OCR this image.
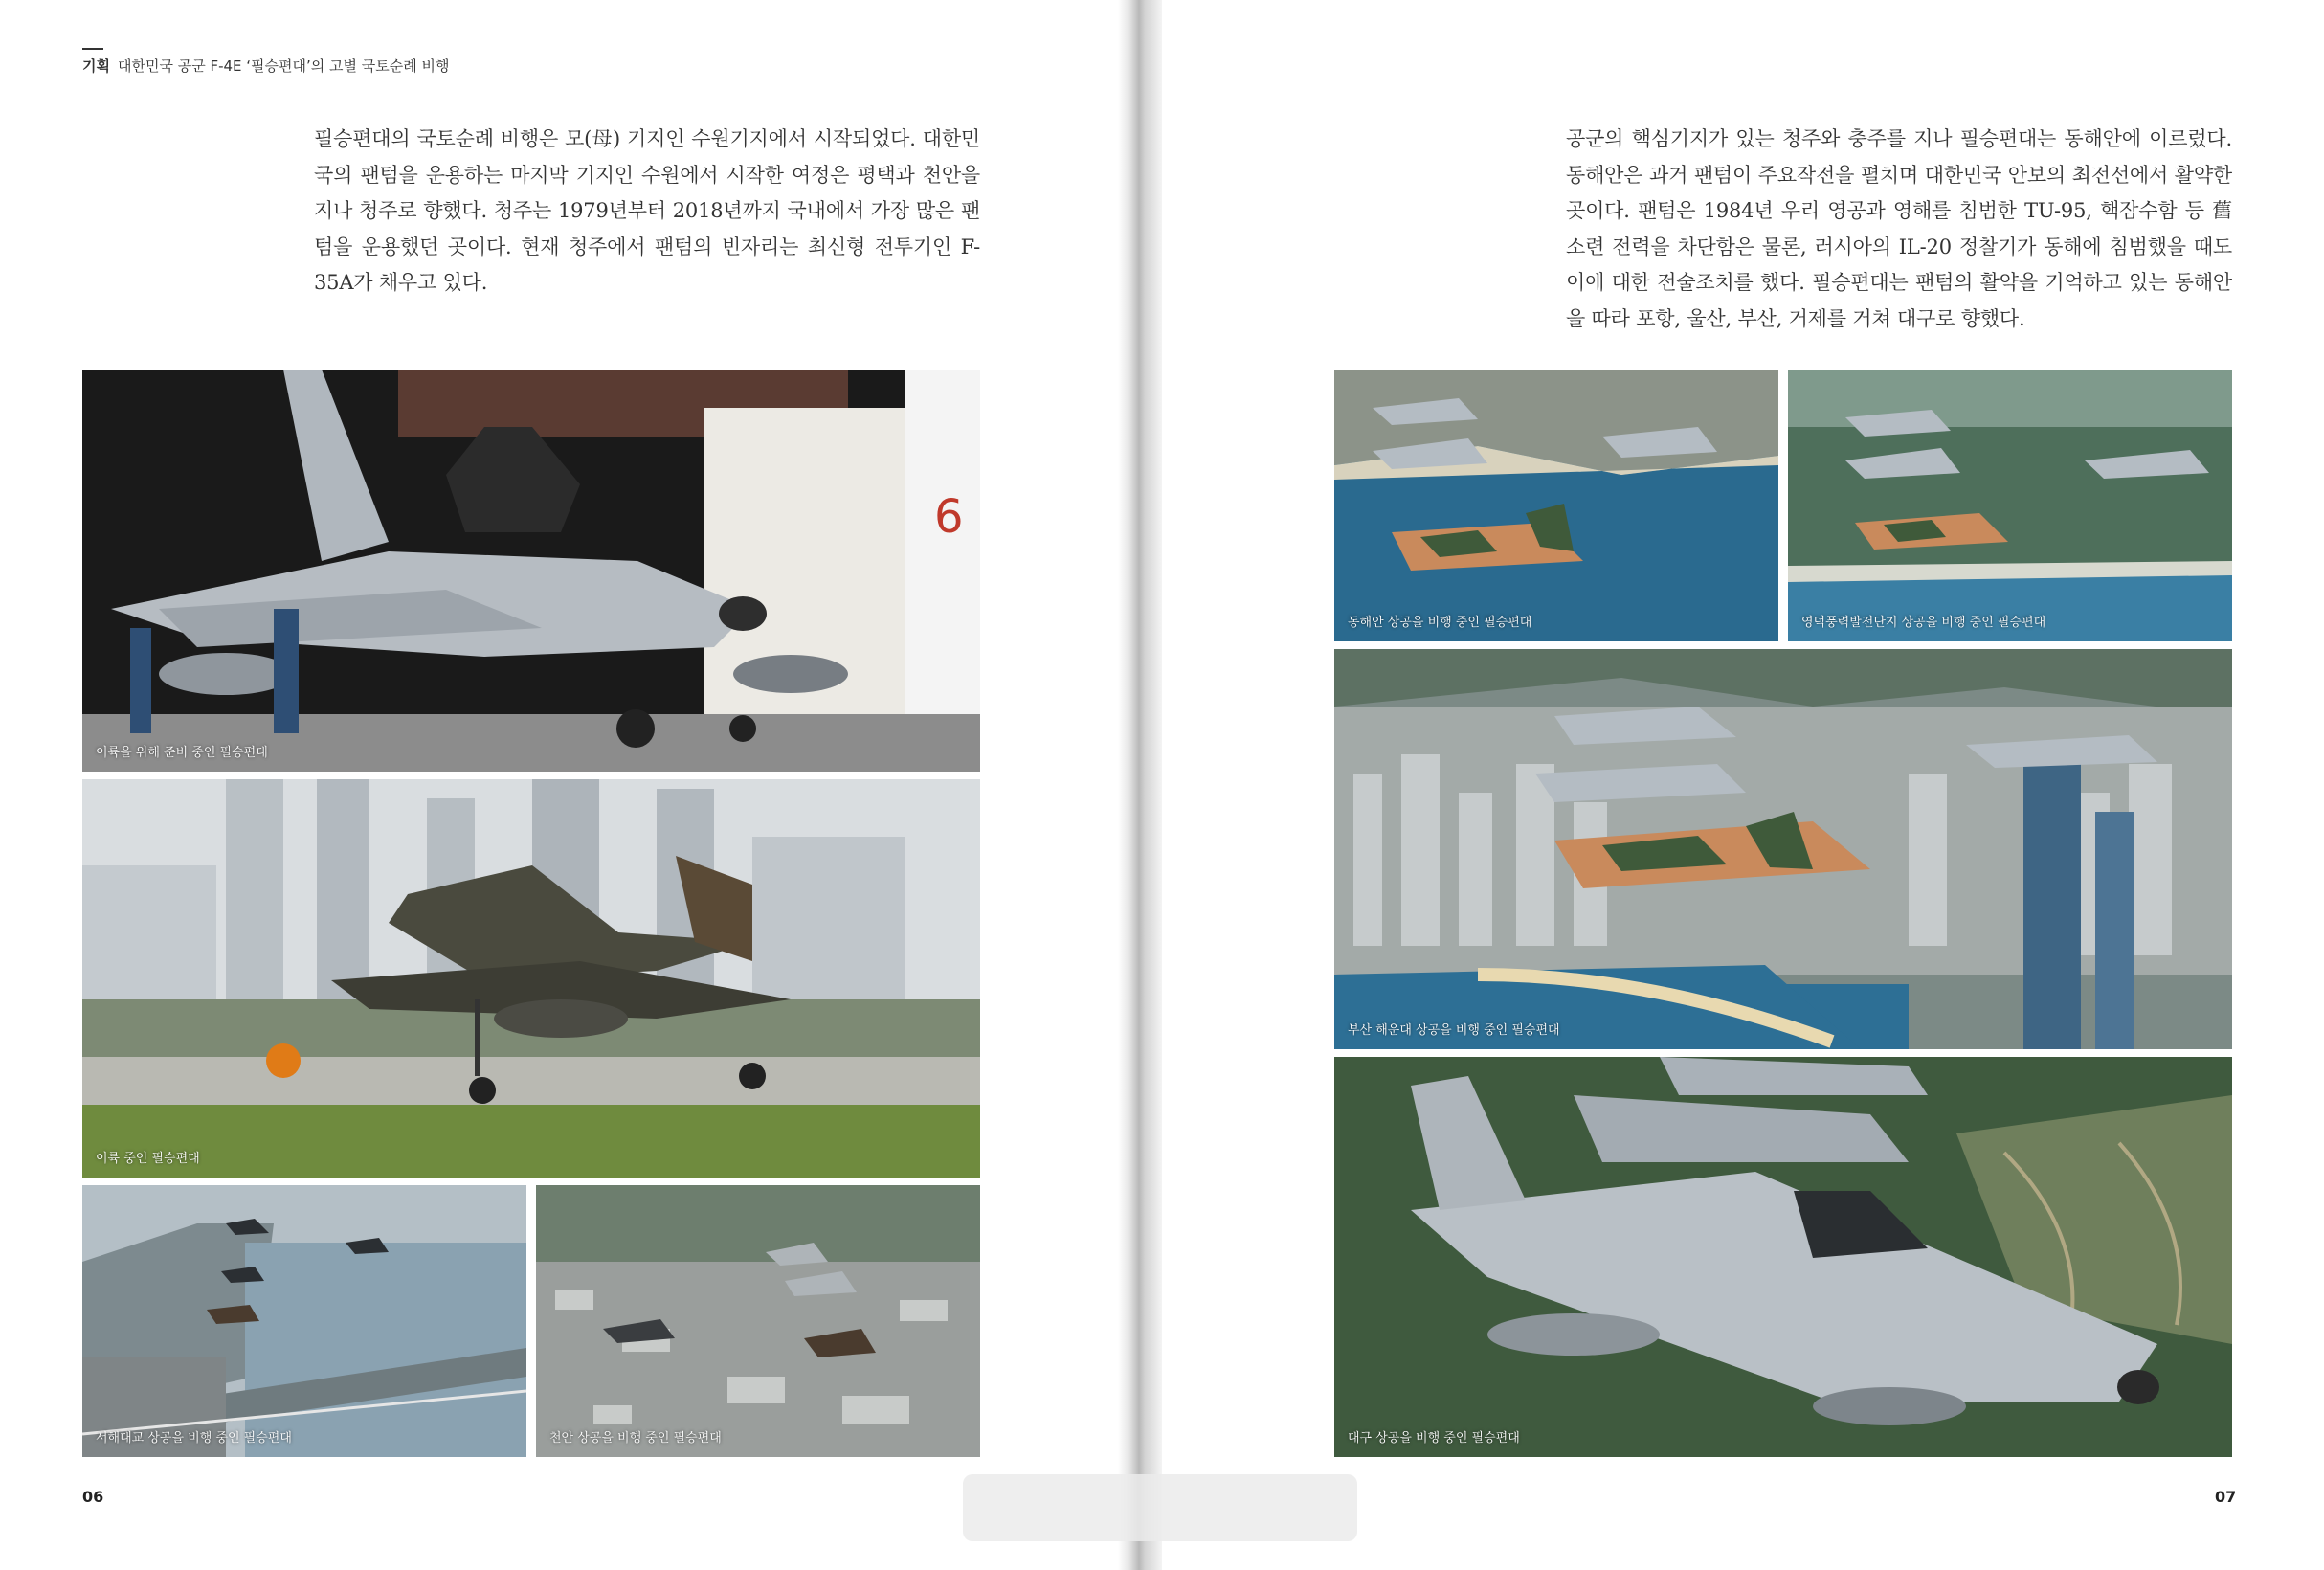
기획 대한민국 공군 F-4E ‘필승편대’의 고별 국토순례 비행

필승편대의 국토순례 비행은 모(母) 기지인 수원기지에서 시작되었다. 대한민국의 팬텀을 운용하는 마지막 기지인 수원에서 시작한 여정은 평택과 천안을 지나 청주로 향했다. 청주는 1979년부터 2018년까지 국내에서 가장 많은 팬텀을 운용했던 곳이다. 현재 청주에서 팬텀의 빈자리는 최신형 전투기인 F-35A가 채우고 있다.

6
이륙을 위해 준비 중인 필승편대
이륙 중인 필승편대
서해대교 상공을 비행 중인 필승편대	천안 상공을 비행 중인 필승편대
06

공군의 핵심기지가 있는 청주와 충주를 지나 필승편대는 동해안에 이르렀다. 동해안은 과거 팬텀이 주요작전을 펼치며 대한민국 안보의 최전선에서 활약한 곳이다. 팬텀은 1984년 우리 영공과 영해를 침범한 TU-95, 핵잠수함 등 舊 소련 전력을 차단함은 물론, 러시아의 IL-20 정찰기가 동해에 침범했을 때도 이에 대한 전술조치를 했다. 필승편대는 팬텀의 활약을 기억하고 있는 동해안을 따라 포항, 울산, 부산, 거제를 거쳐 대구로 향했다.

동해안 상공을 비행 중인 필승편대	영덕풍력발전단지 상공을 비행 중인 필승편대
부산 해운대 상공을 비행 중인 필승편대
대구 상공을 비행 중인 필승편대
07
